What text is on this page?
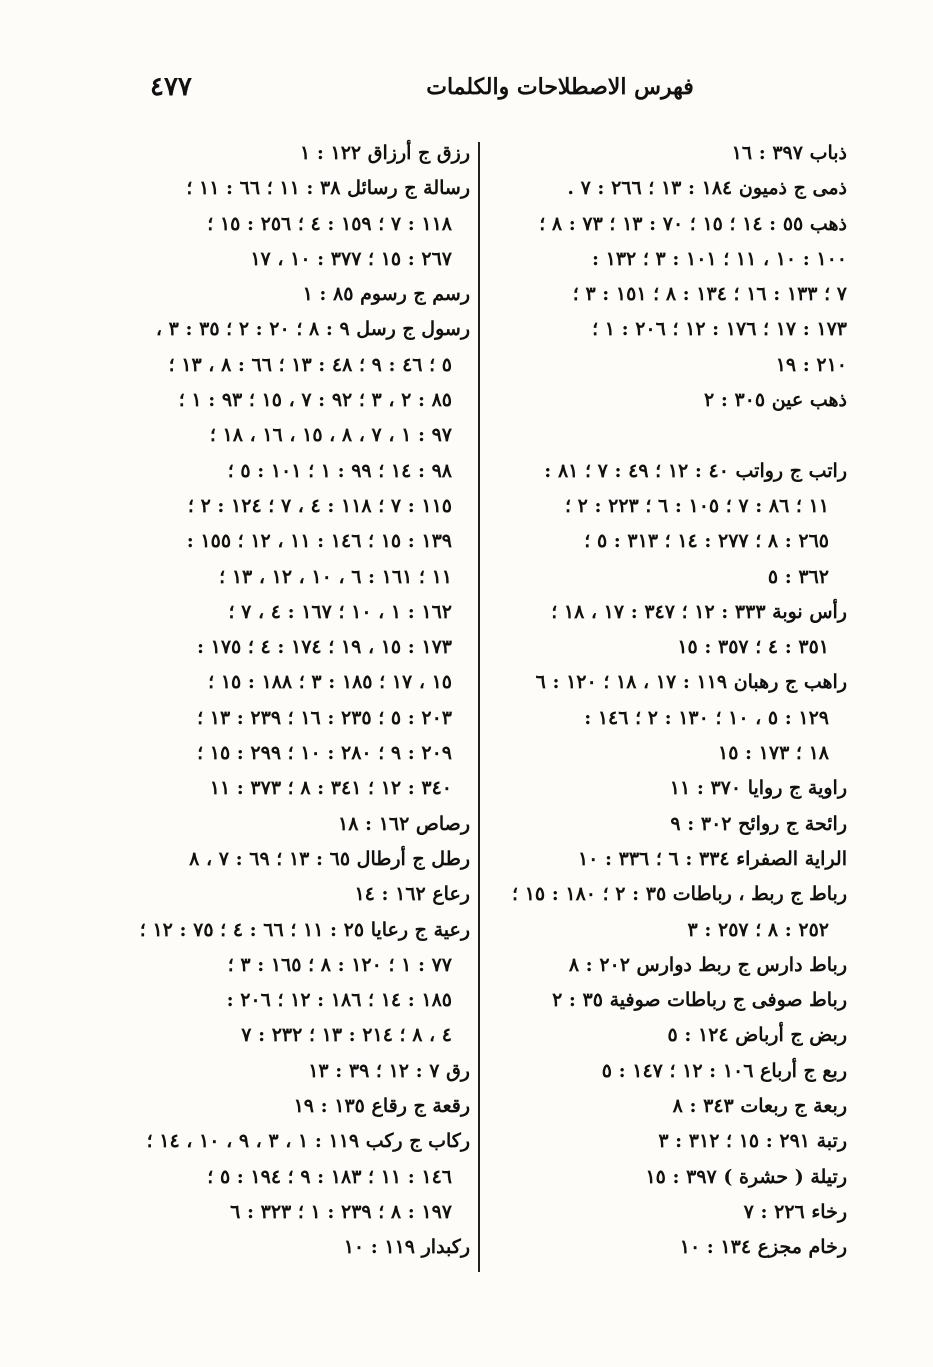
٤٧٧	فهرس الاصطلاحات والكلمات
ذباب ٣٩٧ : ١٦
ذمى ج ذميون ١٨٤ : ١٣ ؛ ٢٦٦ : ٧ .
ذهب ٥٥ : ١٤ ؛ ١٥ ؛ ٧٠ : ١٣ ؛ ٧٣ : ٨ ؛
١٠٠ : ١٠ ، ١١ ؛ ١٠١ : ٣ ؛ ١٣٢ :
٧ ؛ ١٣٣ : ١٦ ؛ ١٣٤ : ٨ ؛ ١٥١ : ٣ ؛
١٧٣ : ١٧ ؛ ١٧٦ : ١٢ ؛ ٢٠٦ : ١ ؛
٢١٠ : ١٩
ذهب عين ٣٠٥ : ٢
راتب ج رواتب ٤٠ : ١٢ ؛ ٤٩ : ٧ ؛ ٨١ :
١١ ؛ ٨٦ : ٧ ؛ ١٠٥ : ٦ ؛ ٢٢٣ : ٢ ؛
٢٦٥ : ٨ ؛ ٢٧٧ : ١٤ ؛ ٣١٣ : ٥ ؛
٣٦٢ : ٥
رأس نوبة ٣٣٣ : ١٢ ؛ ٣٤٧ : ١٧ ، ١٨ ؛
٣٥١ : ٤ ؛ ٣٥٧ : ١٥
راهب ج رهبان ١١٩ : ١٧ ، ١٨ ؛ ١٢٠ : ٦
١٢٩ : ٥ ، ١٠ ؛ ١٣٠ : ٢ ؛ ١٤٦ :
١٨ ؛ ١٧٣ : ١٥
راوية ج روايا ٣٧٠ : ١١
رائحة ج روائح ٣٠٢ : ٩
الراية الصفراء ٣٣٤ : ٦ ؛ ٣٣٦ : ١٠
رباط ج ربط ، رباطات ٣٥ : ٢ ؛ ١٨٠ : ١٥ ؛
٢٥٢ : ٨ ؛ ٢٥٧ : ٣
رباط دارس ج ربط دوارس ٢٠٢ : ٨
رباط صوفى ج رباطات صوفية ٣٥ : ٢
ربض ج أرباض ١٢٤ : ٥
ربع ج أرباع ١٠٦ : ١٢ ؛ ١٤٧ : ٥
ربعة ج ربعات ٣٤٣ : ٨
رتبة ٢٩١ : ١٥ ؛ ٣١٢ : ٣
رتيلة ( حشرة ) ٣٩٧ : ١٥
رخاء ٢٢٦ : ٧
رخام مجزع ١٣٤ : ١٠
رزق ج أرزاق ١٢٢ : ١
رسالة ج رسائل ٣٨ : ١١ ؛ ٦٦ : ١١ ؛
١١٨ : ٧ ؛ ١٥٩ : ٤ ؛ ٢٥٦ : ١٥ ؛
٢٦٧ : ١٥ ؛ ٣٧٧ : ١٠ ، ١٧
رسم ج رسوم ٨٥ : ١
رسول ج رسل ٩ : ٨ ؛ ٢٠ : ٢ ؛ ٣٥ : ٣ ،
٥ ؛ ٤٦ : ٩ ؛ ٤٨ : ١٣ ؛ ٦٦ : ٨ ، ١٣ ؛
٨٥ : ٢ ، ٣ ؛ ٩٢ : ٧ ، ١٥ ؛ ٩٣ : ١ ؛
٩٧ : ١ ، ٧ ، ٨ ، ١٥ ، ١٦ ، ١٨ ؛
٩٨ : ١٤ ؛ ٩٩ : ١ ؛ ١٠١ : ٥ ؛
١١٥ : ٧ ؛ ١١٨ : ٤ ، ٧ ؛ ١٢٤ : ٢ ؛
١٣٩ : ١٥ ؛ ١٤٦ : ١١ ، ١٢ ؛ ١٥٥ :
١١ ؛ ١٦١ : ٦ ، ١٠ ، ١٢ ، ١٣ ؛
١٦٢ : ١ ، ١٠ ؛ ١٦٧ : ٤ ، ٧ ؛
١٧٣ : ١٥ ، ١٩ ؛ ١٧٤ : ٤ ؛ ١٧٥ :
١٥ ، ١٧ ؛ ١٨٥ : ٣ ؛ ١٨٨ : ١٥ ؛
٢٠٣ : ٥ ؛ ٢٣٥ : ١٦ ؛ ٢٣٩ : ١٣ ؛
٢٠٩ : ٩ ؛ ٢٨٠ : ١٠ ؛ ٢٩٩ : ١٥ ؛
٣٤٠ : ١٢ ؛ ٣٤١ : ٨ ؛ ٣٧٣ : ١١
رصاص ١٦٢ : ١٨
رطل ج أرطال ٦٥ : ١٣ ؛ ٦٩ : ٧ ، ٨
رعاع ١٦٢ : ١٤
رعية ج رعايا ٢٥ : ١١ ؛ ٦٦ : ٤ ؛ ٧٥ : ١٢ ؛
٧٧ : ١ ؛ ١٢٠ : ٨ ؛ ١٦٥ : ٣ ؛
١٨٥ : ١٤ ؛ ١٨٦ : ١٢ ؛ ٢٠٦ :
٤ ، ٨ ؛ ٢١٤ : ١٣ ؛ ٢٣٢ : ٧
رق ٧ : ١٢ ؛ ٣٩ : ١٣
رقعة ج رقاع ١٣٥ : ١٩
ركاب ج ركب ١١٩ : ١ ، ٣ ، ٩ ، ١٠ ، ١٤ ؛
١٤٦ : ١١ ؛ ١٨٣ : ٩ ؛ ١٩٤ : ٥ ؛
١٩٧ : ٨ ؛ ٢٣٩ : ١ ؛ ٣٢٣ : ٦
ركبدار ١١٩ : ١٠
